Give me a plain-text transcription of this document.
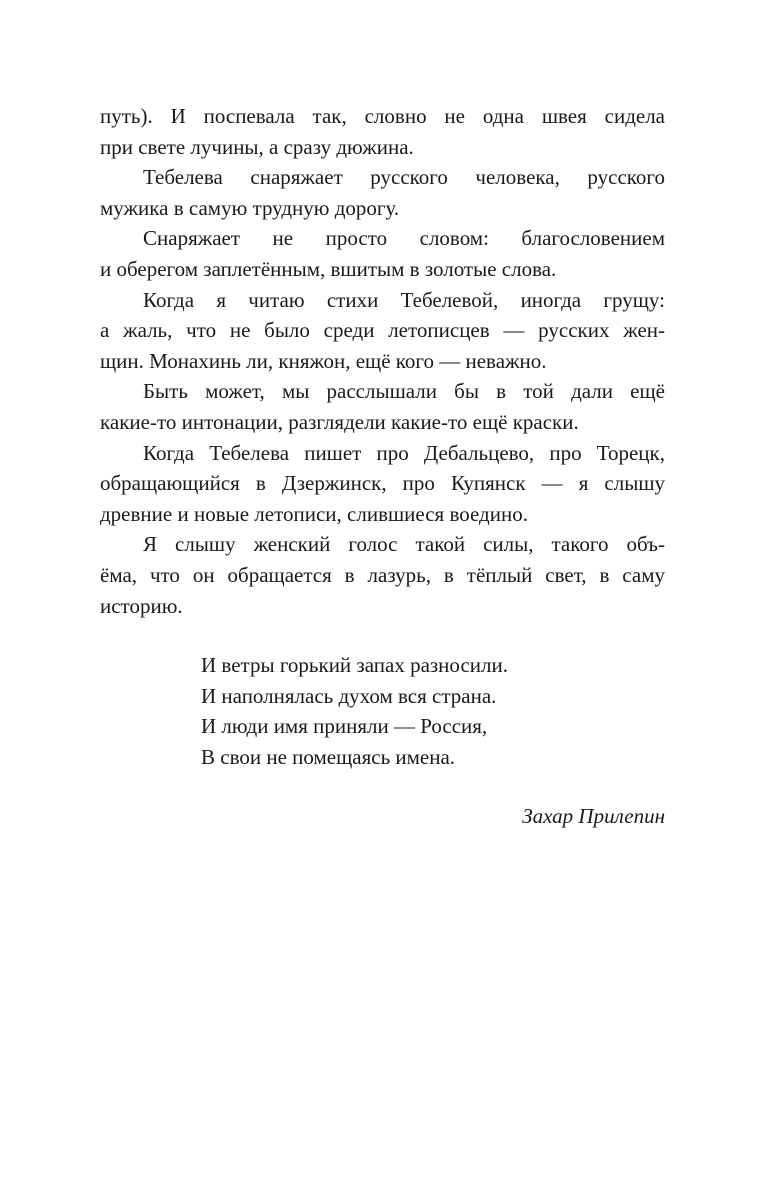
путь). И поспевала так, словно не одна швея сидела

при свете лучины, а сразу дюжина.

Тебелева снаряжает русского человека, русского

мужика в самую трудную дорогу.

Снаряжает не просто словом: благословением

и оберегом заплетённым, вшитым в золотые слова.

Когда я читаю стихи Тебелевой, иногда грущу:

а жаль, что не было среди летописцев — русских жен-

щин. Монахинь ли, княжон, ещё кого — неважно.

Быть может, мы расслышали бы в той дали ещё

какие-то интонации, разглядели какие-то ещё краски.

Когда Тебелева пишет про Дебальцево, про Торецк,

обращающийся в Дзержинск, про Купянск — я слышу

древние и новые летописи, слившиеся воедино.

Я слышу женский голос такой силы, такого объ-

ёма, что он обращается в лазурь, в тёплый свет, в саму

историю.

И ветры горький запах разносили.

И наполнялась духом вся страна.

И люди имя приняли — Россия,

В свои не помещаясь имена.

Захар Прилепин
